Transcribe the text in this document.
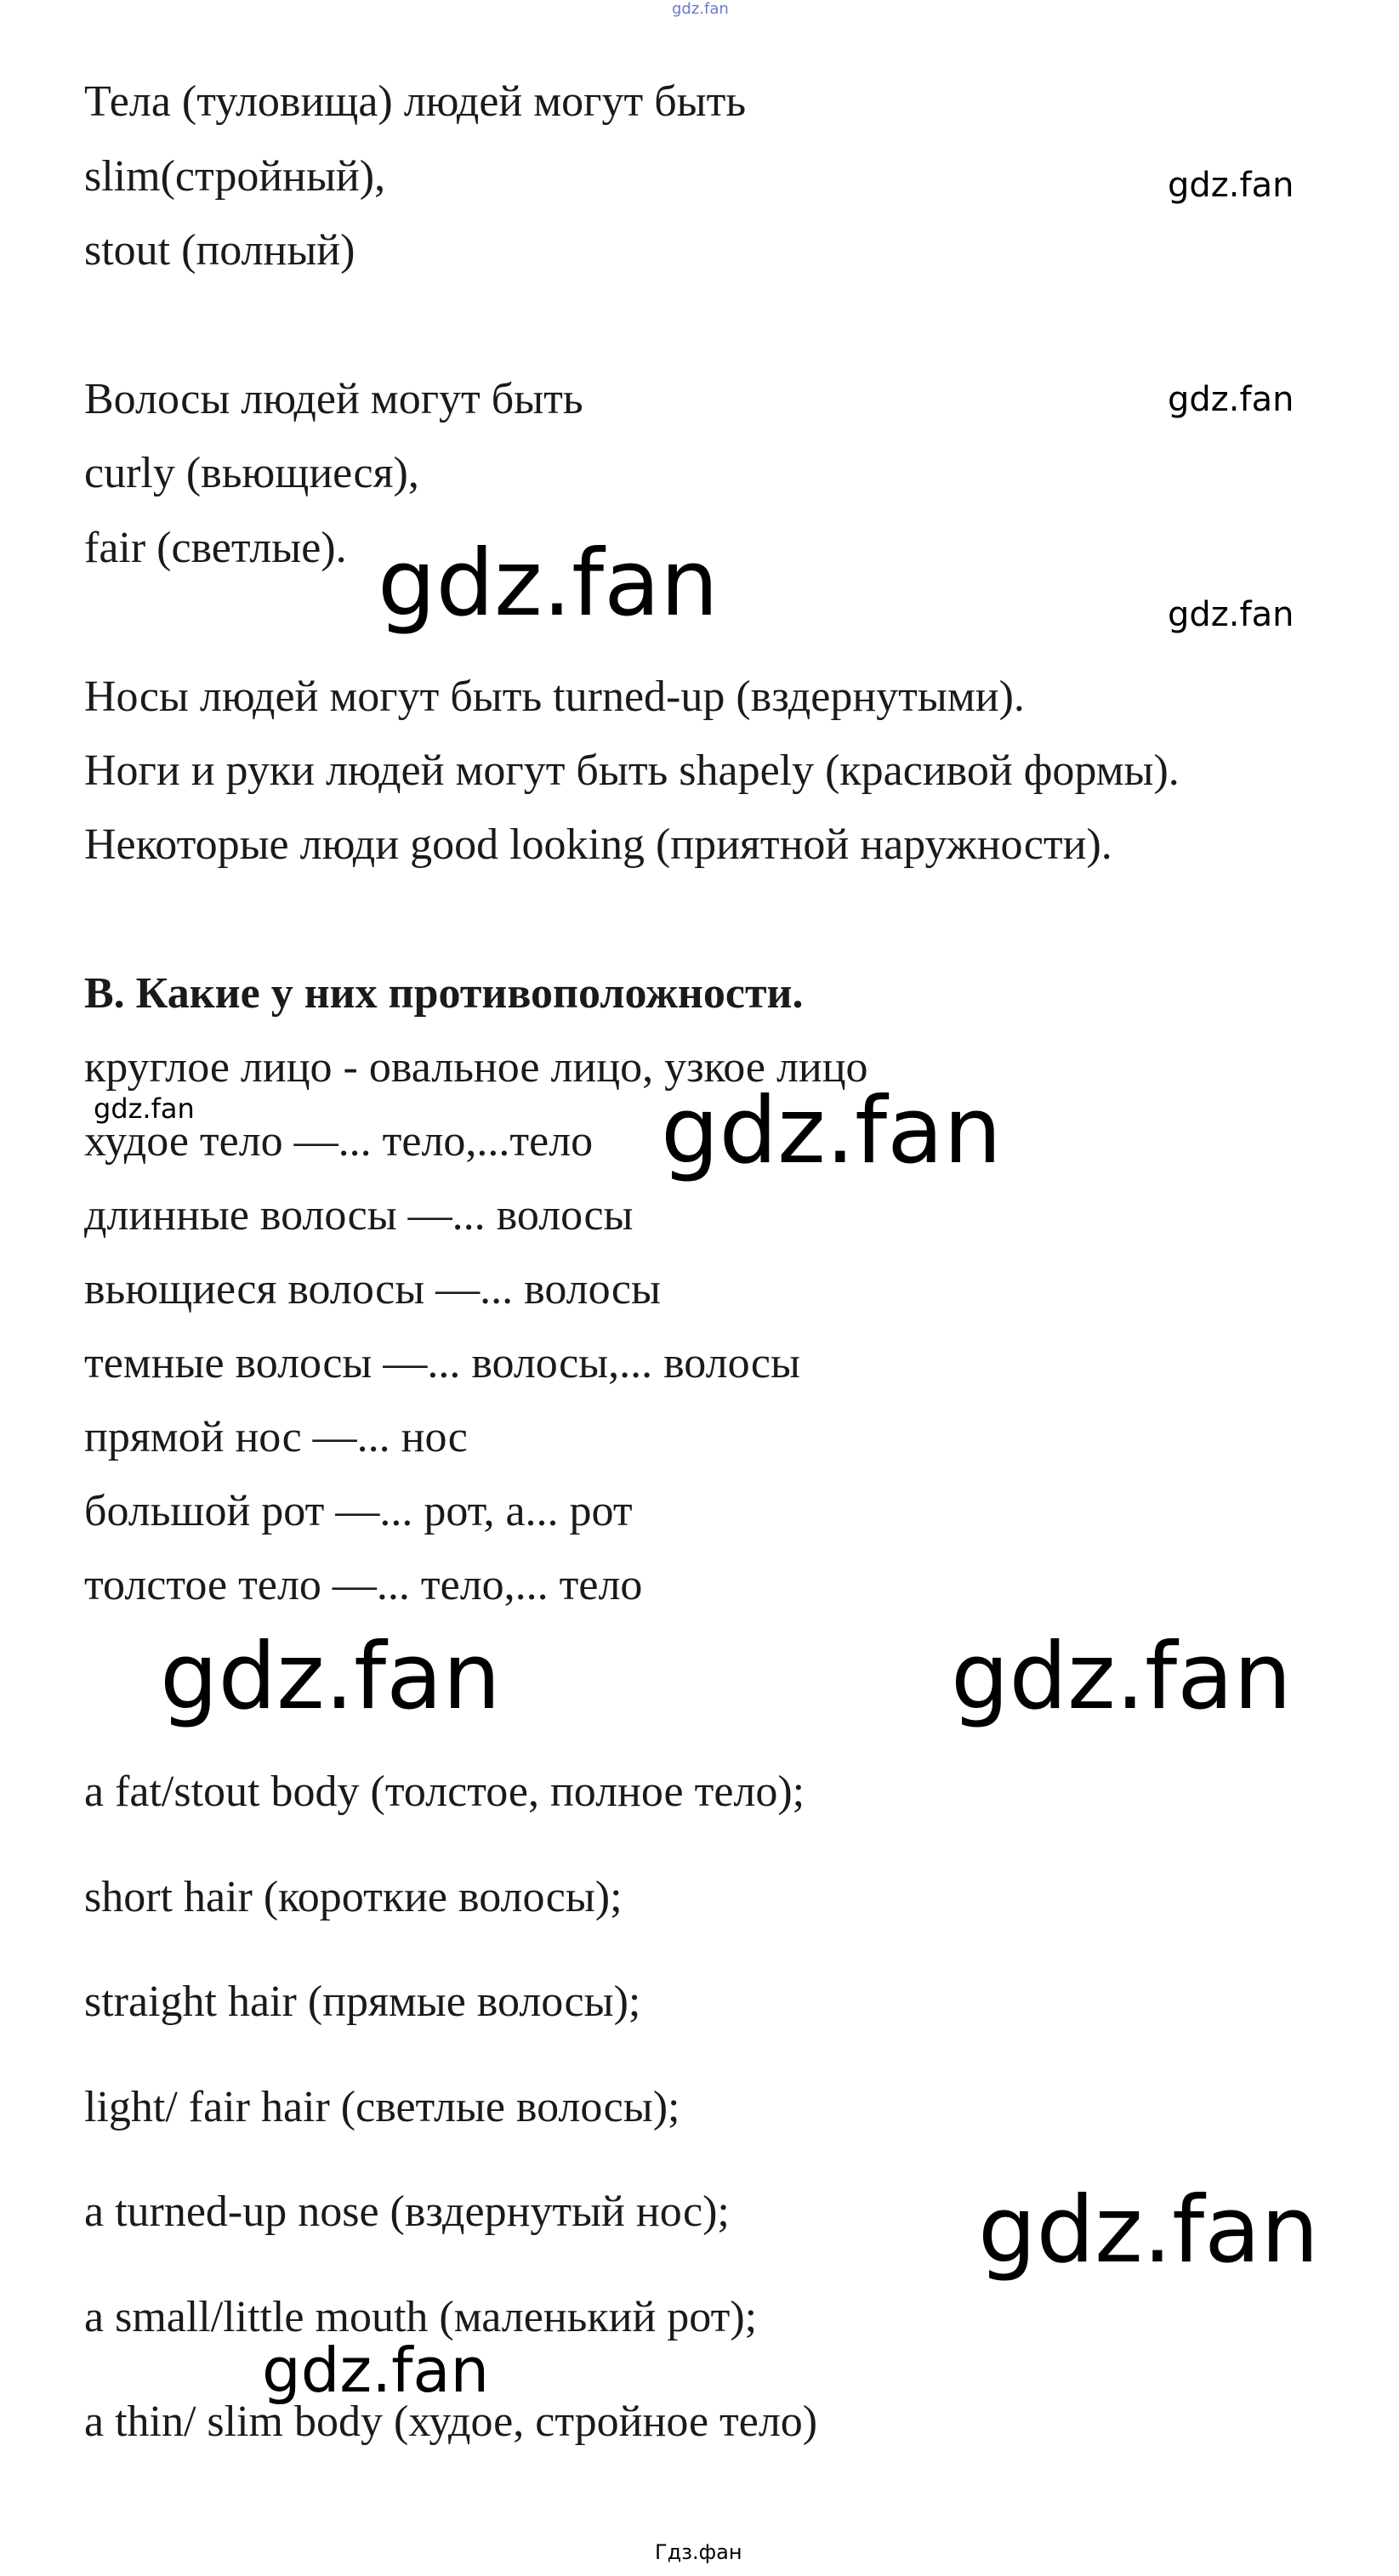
gdz.fan
Тела (туловища) людей могут быть
slim(стройный),
stout (полный)
Волосы людей могут быть
curly (вьющиеся),
fair (светлые).
Носы людей могут быть turned-up (вздернутыми).
Ноги и руки людей могут быть shapely (красивой формы).
Некоторые люди good looking (приятной наружности).
B. Какие у них противоположности.
круглое лицо - овальное лицо, узкое лицо
худое тело —... тело,...тело
длинные волосы —... волосы
вьющиеся волосы —... волосы
темные волосы —... волосы,... волосы
прямой нос —... нос
большой рот —... рот, а... рот
толстое тело —... тело,... тело
a fat/stout body (толстое, полное тело);
short hair (короткие волосы);
straight hair (прямые волосы);
light/ fair hair (светлые волосы);
a turned-up nose (вздернутый нос);
a small/little mouth (маленький рот);
a thin/ slim body (худое, стройное тело)
gdz.fan
gdz.fan
gdz.fan
gdz.fan
gdz.fan
gdz.fan
gdz.fan	gdz.fan
gdz.fan
gdz.fan
Гдз.фан
